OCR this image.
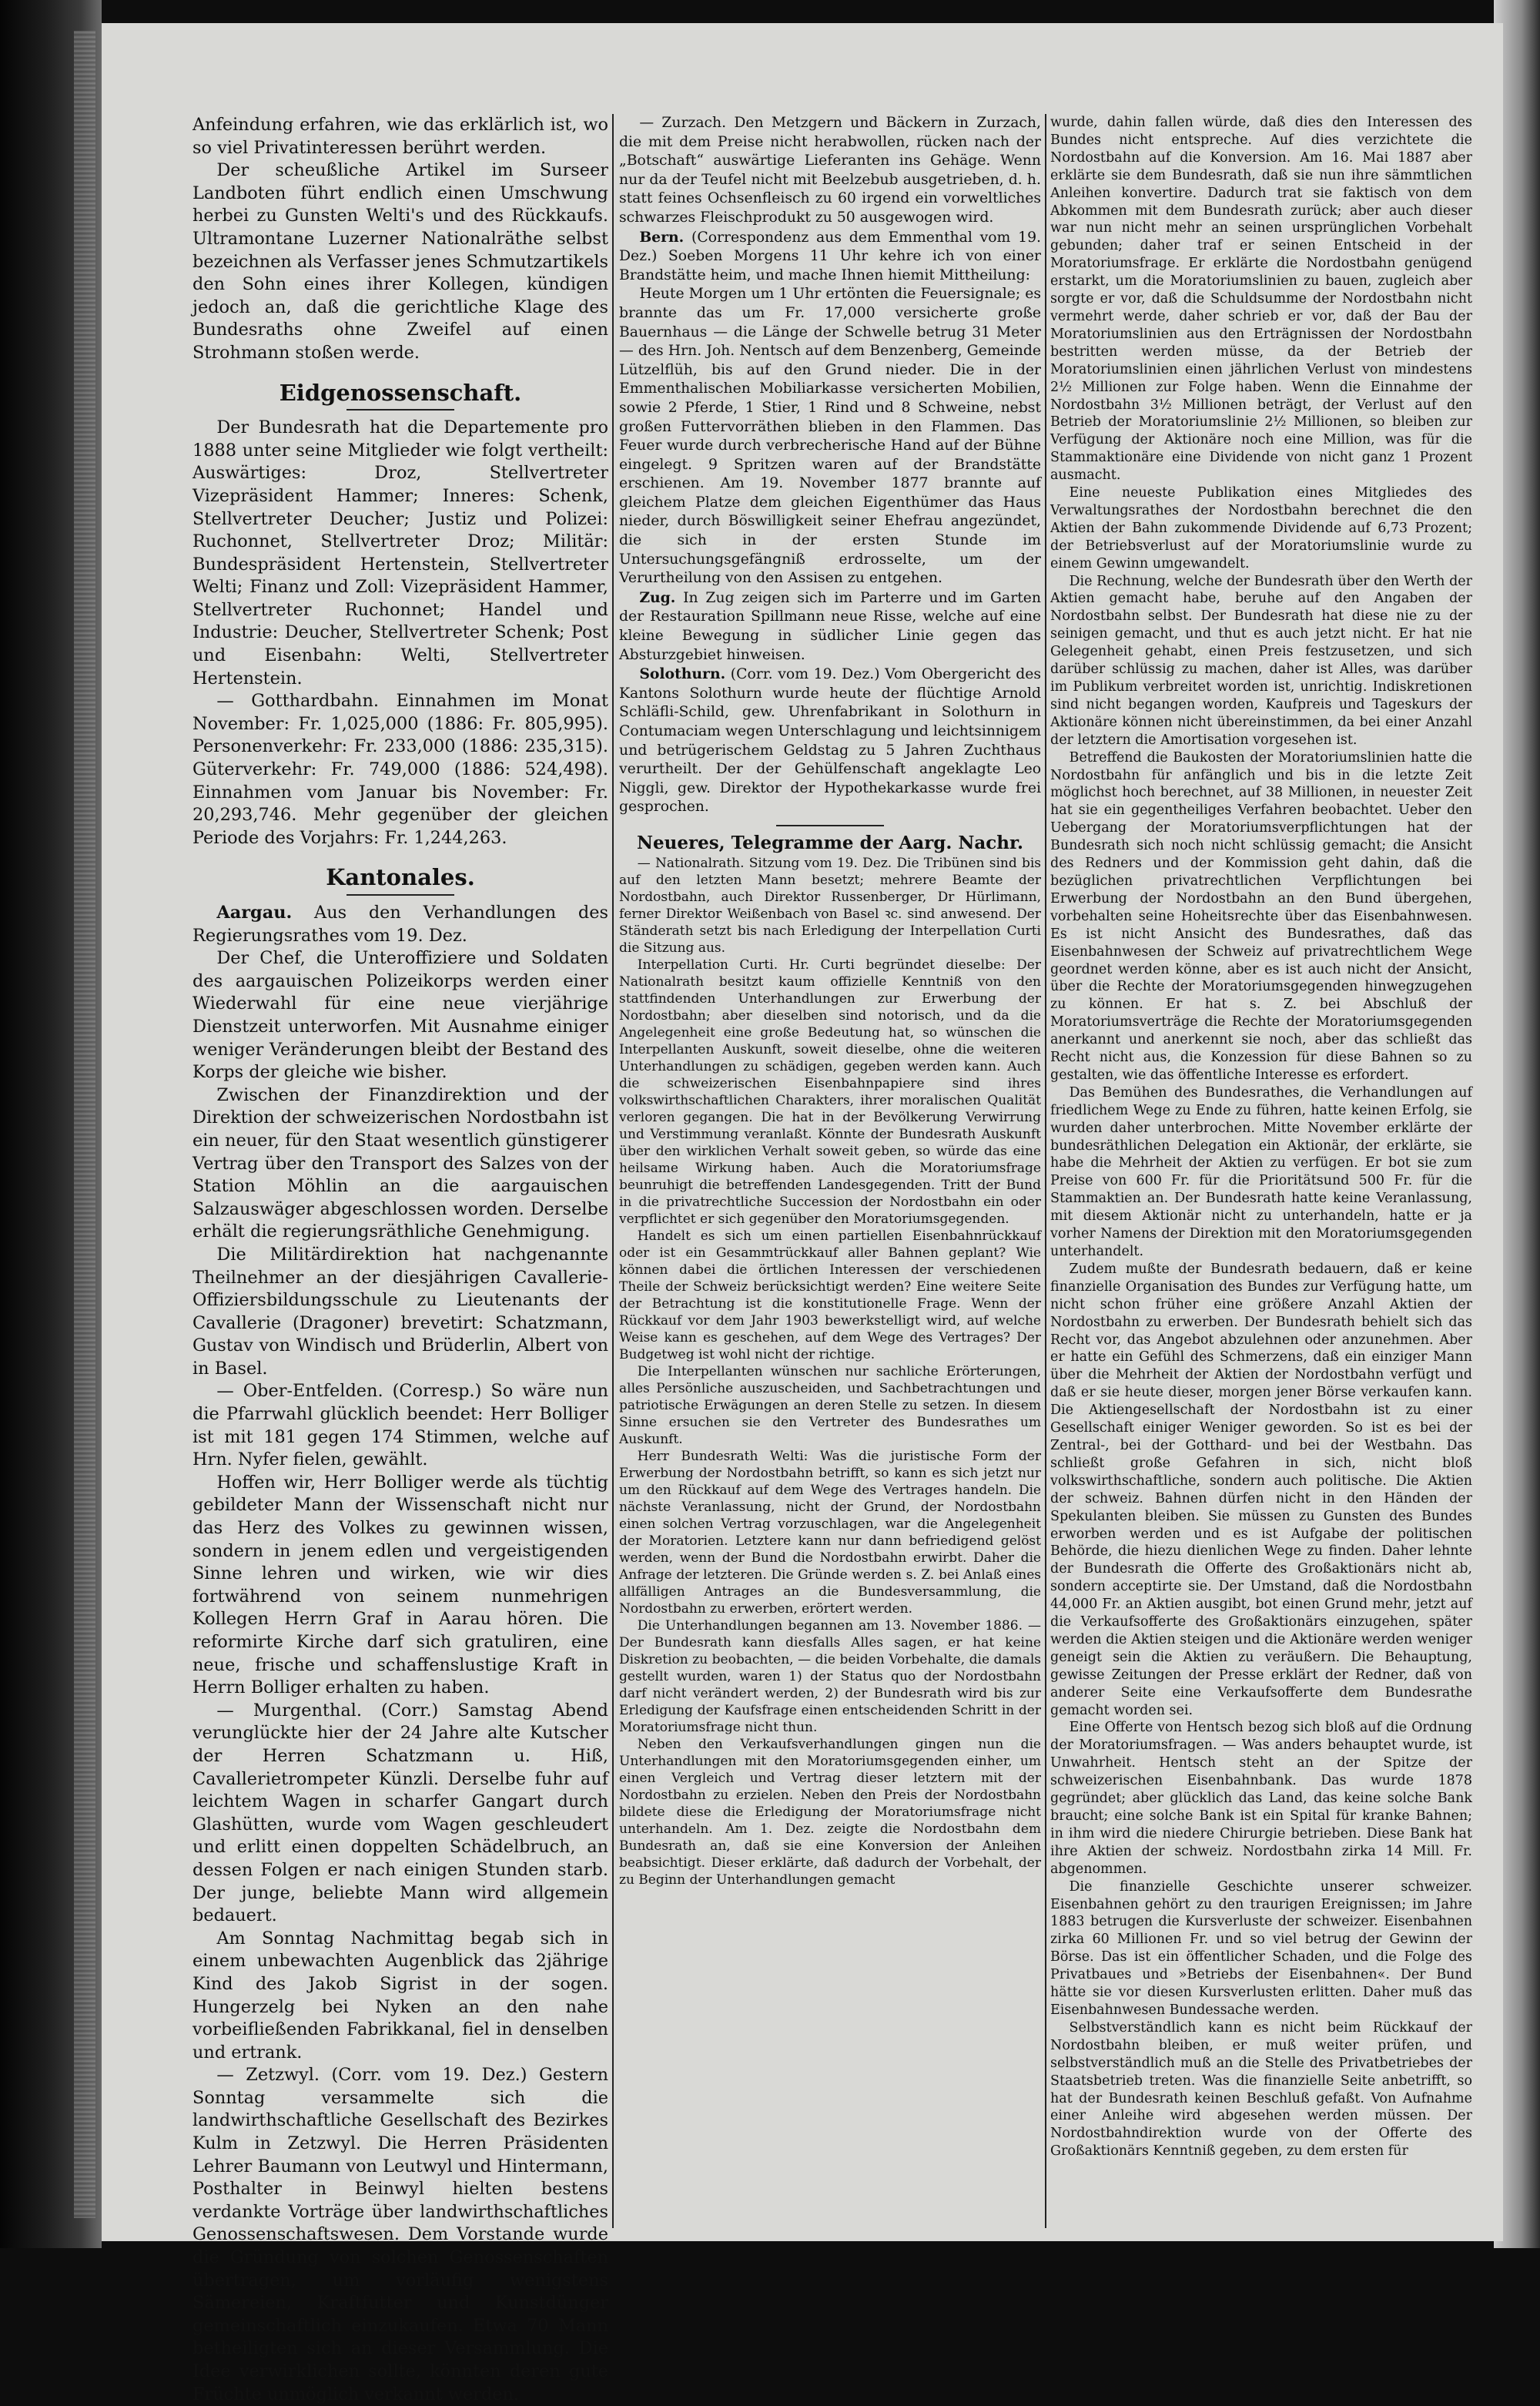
Anfeindung erfahren, wie das erklärlich ist, wo so viel Privatinteressen berührt werden.

Der scheußliche Artikel im Surseer Landboten führt endlich einen Umschwung herbei zu Gunsten Welti's und des Rückkaufs. Ultramontane Luzerner Nationalräthe selbst bezeichnen als Verfasser jenes Schmutzartikels den Sohn eines ihrer Kollegen, kündigen jedoch an, daß die gerichtliche Klage des Bundesraths ohne Zweifel auf einen Strohmann stoßen werde.

Eidgenossenschaft.

Der Bundesrath hat die Departemente pro 1888 unter seine Mitglieder wie folgt vertheilt: Auswärtiges: Droz, Stellvertreter Vizepräsident Hammer; Inneres: Schenk, Stellvertreter Deucher; Justiz und Polizei: Ruchonnet, Stellvertreter Droz; Militär: Bundespräsident Hertenstein, Stellvertreter Welti; Finanz und Zoll: Vizepräsident Hammer, Stellvertreter Ruchonnet; Handel und Industrie: Deucher, Stellvertreter Schenk; Post und Eisenbahn: Welti, Stellvertreter Hertenstein.

— Gotthardbahn. Einnahmen im Monat November: Fr. 1,025,000 (1886: Fr. 805,995). Personenverkehr: Fr. 233,000 (1886: 235,315). Güterverkehr: Fr. 749,000 (1886: 524,498). Einnahmen vom Januar bis November: Fr. 20,293,746. Mehr gegenüber der gleichen Periode des Vorjahrs: Fr. 1,244,263.

Kantonales.

Aargau. Aus den Verhandlungen des Regierungsrathes vom 19. Dez.

Der Chef, die Unteroffiziere und Soldaten des aargauischen Polizeikorps werden einer Wiederwahl für eine neue vierjährige Dienstzeit unterworfen. Mit Ausnahme einiger weniger Veränderungen bleibt der Bestand des Korps der gleiche wie bisher.

Zwischen der Finanzdirektion und der Direktion der schweizerischen Nordostbahn ist ein neuer, für den Staat wesentlich günstigerer Vertrag über den Transport des Salzes von der Station Möhlin an die aargauischen Salzauswäger abgeschlossen worden. Derselbe erhält die regierungsräthliche Genehmigung.

Die Militärdirektion hat nachgenannte Theilnehmer an der diesjährigen Cavallerie-Offiziersbildungsschule zu Lieutenants der Cavallerie (Dragoner) brevetirt: Schatzmann, Gustav von Windisch und Brüderlin, Albert von in Basel.

— Ober-Entfelden. (Corresp.) So wäre nun die Pfarrwahl glücklich beendet: Herr Bolliger ist mit 181 gegen 174 Stimmen, welche auf Hrn. Nyfer fielen, gewählt.

Hoffen wir, Herr Bolliger werde als tüchtig gebildeter Mann der Wissenschaft nicht nur das Herz des Volkes zu gewinnen wissen, sondern in jenem edlen und vergeistigenden Sinne lehren und wirken, wie wir dies fortwährend von seinem nunmehrigen Kollegen Herrn Graf in Aarau hören. Die reformirte Kirche darf sich gratuliren, eine neue, frische und schaffenslustige Kraft in Herrn Bolliger erhalten zu haben.

— Murgenthal. (Corr.) Samstag Abend verunglückte hier der 24 Jahre alte Kutscher der Herren Schatzmann u. Hiß, Cavallerietrompeter Künzli. Derselbe fuhr auf leichtem Wagen in scharfer Gangart durch Glashütten, wurde vom Wagen geschleudert und erlitt einen doppelten Schädelbruch, an dessen Folgen er nach einigen Stunden starb. Der junge, beliebte Mann wird allgemein bedauert.

Am Sonntag Nachmittag begab sich in einem unbewachten Augenblick das 2jährige Kind des Jakob Sigrist in der sogen. Hungerzelg bei Nyken an den nahe vorbeifließenden Fabrikkanal, fiel in denselben und ertrank.

— Zetzwyl. (Corr. vom 19. Dez.) Gestern Sonntag versammelte sich die landwirthschaftliche Gesellschaft des Bezirkes Kulm in Zetzwyl. Die Herren Präsidenten Lehrer Baumann von Leutwyl und Hintermann, Posthalter in Beinwyl hielten bestens verdankte Vorträge über landwirthschaftliches Genossenschaftswesen. Dem Vorstande wurde die Gründung von solchen Genossenschaften übertragen, um vorläufig wenigstens Sämereien, Kraftfutter und Kunstdünger gemeinschaftlich einzukaufen. Etwa 70 Mann betheiligten sich an dieser Versammlung. Die Idee verwirklichen sollte, könnten deren gute Früchte unmöglich verkannt werden.

— Zurzach. Den Metzgern und Bäckern in Zurzach, die mit dem Preise nicht herabwollen, rücken nach der „Botschaft“ auswärtige Lieferanten ins Gehäge. Wenn nur da der Teufel nicht mit Beelzebub ausgetrieben, d. h. statt feines Ochsenfleisch zu 60 irgend ein vorweltliches schwarzes Fleischprodukt zu 50 ausgewogen wird.

Bern. (Correspondenz aus dem Emmenthal vom 19. Dez.) Soeben Morgens 11 Uhr kehre ich von einer Brandstätte heim, und mache Ihnen hiemit Mittheilung:

Heute Morgen um 1 Uhr ertönten die Feuersignale; es brannte das um Fr. 17,000 versicherte große Bauernhaus — die Länge der Schwelle betrug 31 Meter — des Hrn. Joh. Nentsch auf dem Benzenberg, Gemeinde Lützelflüh, bis auf den Grund nieder. Die in der Emmenthalischen Mobiliarkasse versicherten Mobilien, sowie 2 Pferde, 1 Stier, 1 Rind und 8 Schweine, nebst großen Futtervorräthen blieben in den Flammen. Das Feuer wurde durch verbrecherische Hand auf der Bühne eingelegt. 9 Spritzen waren auf der Brandstätte erschienen. Am 19. November 1877 brannte auf gleichem Platze dem gleichen Eigenthümer das Haus nieder, durch Böswilligkeit seiner Ehefrau angezündet, die sich in der ersten Stunde im Untersuchungsgefängniß erdrosselte, um der Verurtheilung von den Assisen zu entgehen.

Zug. In Zug zeigen sich im Parterre und im Garten der Restauration Spillmann neue Risse, welche auf eine kleine Bewegung in südlicher Linie gegen das Absturzgebiet hinweisen.

Solothurn. (Corr. vom 19. Dez.) Vom Obergericht des Kantons Solothurn wurde heute der flüchtige Arnold Schläfli-Schild, gew. Uhrenfabrikant in Solothurn in Contumaciam wegen Unterschlagung und leichtsinnigem und betrügerischem Geldstag zu 5 Jahren Zuchthaus verurtheilt. Der der Gehülfenschaft angeklagte Leo Niggli, gew. Direktor der Hypothekarkasse wurde frei gesprochen.

Neueres, Telegramme der Aarg. Nachr.

— Nationalrath. Sitzung vom 19. Dez. Die Tribünen sind bis auf den letzten Mann besetzt; mehrere Beamte der Nordostbahn, auch Direktor Russenberger, Dr Hürlimann, ferner Direktor Weißenbach von Basel ꝛc. sind anwesend. Der Ständerath setzt bis nach Erledigung der Interpellation Curti die Sitzung aus.

Interpellation Curti. Hr. Curti begründet dieselbe: Der Nationalrath besitzt kaum offizielle Kenntniß von den stattfindenden Unterhandlungen zur Erwerbung der Nordostbahn; aber dieselben sind notorisch, und da die Angelegenheit eine große Bedeutung hat, so wünschen die Interpellanten Auskunft, soweit dieselbe, ohne die weiteren Unterhandlungen zu schädigen, gegeben werden kann. Auch die schweizerischen Eisenbahnpapiere sind ihres volkswirthschaftlichen Charakters, ihrer moralischen Qualität verloren gegangen. Die hat in der Bevölkerung Verwirrung und Verstimmung veranlaßt. Könnte der Bundesrath Auskunft über den wirklichen Verhalt soweit geben, so würde das eine heilsame Wirkung haben. Auch die Moratoriumsfrage beunruhigt die betreffenden Landesgegenden. Tritt der Bund in die privatrechtliche Succession der Nordostbahn ein oder verpflichtet er sich gegenüber den Moratoriumsgegenden.

Handelt es sich um einen partiellen Eisenbahnrückkauf oder ist ein Gesammtrückkauf aller Bahnen geplant? Wie können dabei die örtlichen Interessen der verschiedenen Theile der Schweiz berücksichtigt werden? Eine weitere Seite der Betrachtung ist die konstitutionelle Frage. Wenn der Rückkauf vor dem Jahr 1903 bewerkstelligt wird, auf welche Weise kann es geschehen, auf dem Wege des Vertrages? Der Budgetweg ist wohl nicht der richtige.

Die Interpellanten wünschen nur sachliche Erörterungen, alles Persönliche auszuscheiden, und Sachbetrachtungen und patriotische Erwägungen an deren Stelle zu setzen. In diesem Sinne ersuchen sie den Vertreter des Bundesrathes um Auskunft.

Herr Bundesrath Welti: Was die juristische Form der Erwerbung der Nordostbahn betrifft, so kann es sich jetzt nur um den Rückkauf auf dem Wege des Vertrages handeln. Die nächste Veranlassung, nicht der Grund, der Nordostbahn einen solchen Vertrag vorzuschlagen, war die Angelegenheit der Moratorien. Letztere kann nur dann befriedigend gelöst werden, wenn der Bund die Nordostbahn erwirbt. Daher die Anfrage der letzteren. Die Gründe werden s. Z. bei Anlaß eines allfälligen Antrages an die Bundesversammlung, die Nordostbahn zu erwerben, erörtert werden.

Die Unterhandlungen begannen am 13. November 1886. — Der Bundesrath kann diesfalls Alles sagen, er hat keine Diskretion zu beobachten, — die beiden Vorbehalte, die damals gestellt wurden, waren 1) der Status quo der Nordostbahn darf nicht verändert werden, 2) der Bundesrath wird bis zur Erledigung der Kaufsfrage einen entscheidenden Schritt in der Moratoriumsfrage nicht thun.

Neben den Verkaufsverhandlungen gingen nun die Unterhandlungen mit den Moratoriumsgegenden einher, um einen Vergleich und Vertrag dieser letztern mit der Nordostbahn zu erzielen. Neben den Preis der Nordostbahn bildete diese die Erledigung der Moratoriumsfrage nicht unterhandeln. Am 1. Dez. zeigte die Nordostbahn dem Bundesrath an, daß sie eine Konversion der Anleihen beabsichtigt. Dieser erklärte, daß dadurch der Vorbehalt, der zu Beginn der Unterhandlungen gemacht

wurde, dahin fallen würde, daß dies den Interessen des Bundes nicht entspreche. Auf dies verzichtete die Nordostbahn auf die Konversion. Am 16. Mai 1887 aber erklärte sie dem Bundesrath, daß sie nun ihre sämmtlichen Anleihen konvertire. Dadurch trat sie faktisch von dem Abkommen mit dem Bundesrath zurück; aber auch dieser war nun nicht mehr an seinen ursprünglichen Vorbehalt gebunden; daher traf er seinen Entscheid in der Moratoriumsfrage. Er erklärte die Nordostbahn genügend erstarkt, um die Moratoriumslinien zu bauen, zugleich aber sorgte er vor, daß die Schuldsumme der Nordostbahn nicht vermehrt werde, daher schrieb er vor, daß der Bau der Moratoriumslinien aus den Erträgnissen der Nordostbahn bestritten werden müsse, da der Betrieb der Moratoriumslinien einen jährlichen Verlust von mindestens 2½ Millionen zur Folge haben. Wenn die Einnahme der Nordostbahn 3½ Millionen beträgt, der Verlust auf den Betrieb der Moratoriumslinie 2½ Millionen, so bleiben zur Verfügung der Aktionäre noch eine Million, was für die Stammaktionäre eine Dividende von nicht ganz 1 Prozent ausmacht.

Eine neueste Publikation eines Mitgliedes des Verwaltungsrathes der Nordostbahn berechnet die den Aktien der Bahn zukommende Dividende auf 6,73 Prozent; der Betriebsverlust auf der Moratoriumslinie wurde zu einem Gewinn umgewandelt.

Die Rechnung, welche der Bundesrath über den Werth der Aktien gemacht habe, beruhe auf den Angaben der Nordostbahn selbst. Der Bundesrath hat diese nie zu der seinigen gemacht, und thut es auch jetzt nicht. Er hat nie Gelegenheit gehabt, einen Preis festzusetzen, und sich darüber schlüssig zu machen, daher ist Alles, was darüber im Publikum verbreitet worden ist, unrichtig. Indiskretionen sind nicht begangen worden, Kaufpreis und Tageskurs der Aktionäre können nicht übereinstimmen, da bei einer Anzahl der letztern die Amortisation vorgesehen ist.

Betreffend die Baukosten der Moratoriumslinien hatte die Nordostbahn für anfänglich und bis in die letzte Zeit möglichst hoch berechnet, auf 38 Millionen, in neuester Zeit hat sie ein gegentheiliges Verfahren beobachtet. Ueber den Uebergang der Moratoriumsverpflichtungen hat der Bundesrath sich noch nicht schlüssig gemacht; die Ansicht des Redners und der Kommission geht dahin, daß die bezüglichen privatrechtlichen Verpflichtungen bei Erwerbung der Nordostbahn an den Bund übergehen, vorbehalten seine Hoheitsrechte über das Eisenbahnwesen. Es ist nicht Ansicht des Bundesrathes, daß das Eisenbahnwesen der Schweiz auf privatrechtlichem Wege geordnet werden könne, aber es ist auch nicht der Ansicht, über die Rechte der Moratoriumsgegenden hinwegzugehen zu können. Er hat s. Z. bei Abschluß der Moratoriumsverträge die Rechte der Moratoriumsgegenden anerkannt und anerkennt sie noch, aber das schließt das Recht nicht aus, die Konzession für diese Bahnen so zu gestalten, wie das öffentliche Interesse es erfordert.

Das Bemühen des Bundesrathes, die Verhandlungen auf friedlichem Wege zu Ende zu führen, hatte keinen Erfolg, sie wurden daher unterbrochen. Mitte November erklärte der bundesräthlichen Delegation ein Aktionär, der erklärte, sie habe die Mehrheit der Aktien zu verfügen. Er bot sie zum Preise von 600 Fr. für die Prioritätsund 500 Fr. für die Stammaktien an. Der Bundesrath hatte keine Veranlassung, mit diesem Aktionär nicht zu unterhandeln, hatte er ja vorher Namens der Direktion mit den Moratoriumsgegenden unterhandelt.

Zudem mußte der Bundesrath bedauern, daß er keine finanzielle Organisation des Bundes zur Verfügung hatte, um nicht schon früher eine größere Anzahl Aktien der Nordostbahn zu erwerben. Der Bundesrath behielt sich das Recht vor, das Angebot abzulehnen oder anzunehmen. Aber er hatte ein Gefühl des Schmerzens, daß ein einziger Mann über die Mehrheit der Aktien der Nordostbahn verfügt und daß er sie heute dieser, morgen jener Börse verkaufen kann. Die Aktiengesellschaft der Nordostbahn ist zu einer Gesellschaft einiger Weniger geworden. So ist es bei der Zentral-, bei der Gotthard- und bei der Westbahn. Das schließt große Gefahren in sich, nicht bloß volkswirthschaftliche, sondern auch politische. Die Aktien der schweiz. Bahnen dürfen nicht in den Händen der Spekulanten bleiben. Sie müssen zu Gunsten des Bundes erworben werden und es ist Aufgabe der politischen Behörde, die hiezu dienlichen Wege zu finden. Daher lehnte der Bundesrath die Offerte des Großaktionärs nicht ab, sondern acceptirte sie. Der Umstand, daß die Nordostbahn 44,000 Fr. an Aktien ausgibt, bot einen Grund mehr, jetzt auf die Verkaufsofferte des Großaktionärs einzugehen, später werden die Aktien steigen und die Aktionäre werden weniger geneigt sein die Aktien zu veräußern. Die Behauptung, gewisse Zeitungen der Presse erklärt der Redner, daß von anderer Seite eine Verkaufsofferte dem Bundesrathe gemacht worden sei.

Eine Offerte von Hentsch bezog sich bloß auf die Ordnung der Moratoriumsfragen. — Was anders behauptet wurde, ist Unwahrheit. Hentsch steht an der Spitze der schweizerischen Eisenbahnbank. Das wurde 1878 gegründet; aber glücklich das Land, das keine solche Bank braucht; eine solche Bank ist ein Spital für kranke Bahnen; in ihm wird die niedere Chirurgie betrieben. Diese Bank hat ihre Aktien der schweiz. Nordostbahn zirka 14 Mill. Fr. abgenommen.

Die finanzielle Geschichte unserer schweizer. Eisenbahnen gehört zu den traurigen Ereignissen; im Jahre 1883 betrugen die Kursverluste der schweizer. Eisenbahnen zirka 60 Millionen Fr. und so viel betrug der Gewinn der Börse. Das ist ein öffentlicher Schaden, und die Folge des Privatbaues und »Betriebs der Eisenbahnen«. Der Bund hätte sie vor diesen Kursverlusten erlitten. Daher muß das Eisenbahnwesen Bundessache werden.

Selbstverständlich kann es nicht beim Rückkauf der Nordostbahn bleiben, er muß weiter prüfen, und selbstverständlich muß an die Stelle des Privatbetriebes der Staatsbetrieb treten. Was die finanzielle Seite anbetrifft, so hat der Bundesrath keinen Beschluß gefaßt. Von Aufnahme einer Anleihe wird abgesehen werden müssen. Der Nordostbahndirektion wurde von der Offerte des Großaktionärs Kenntniß gegeben, zu dem ersten für
